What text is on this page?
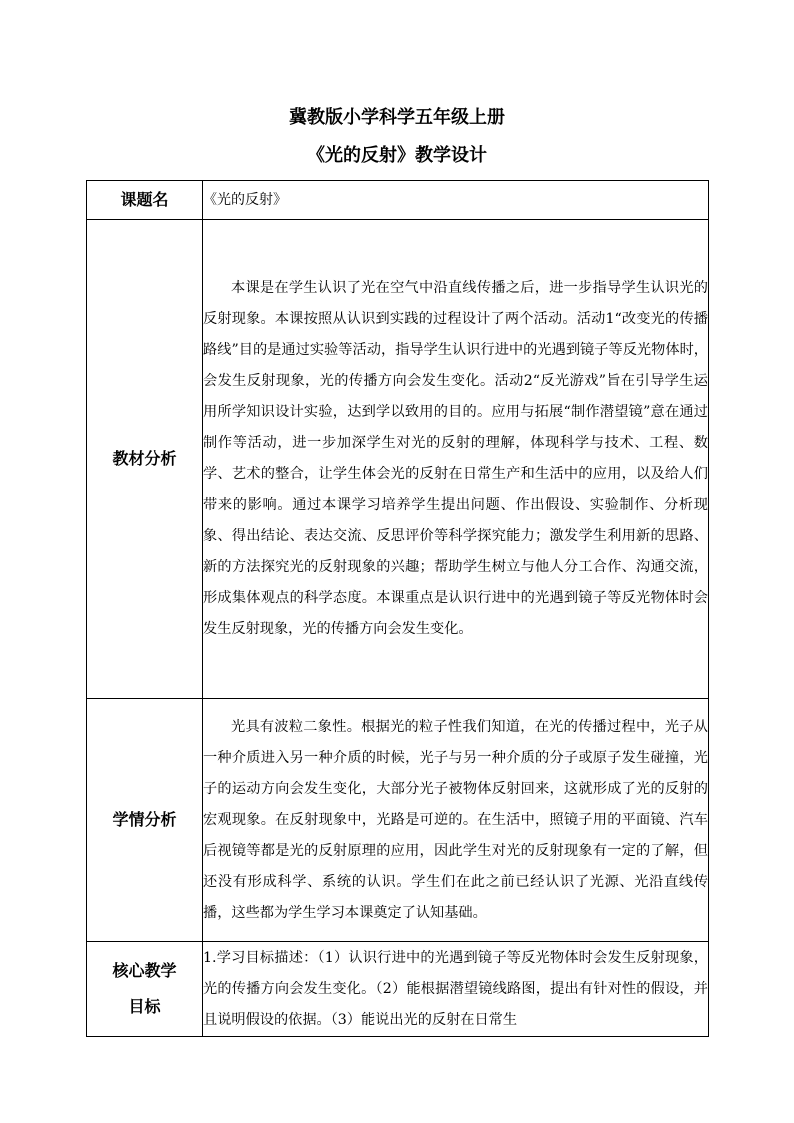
冀教版小学科学五年级上册
《光的反射》教学设计
课题名	《光的反射》
教材分析	本课是在学生认识了光在空气中沿直线传播之后，进一步指导学生认识光的反射现象。本课按照从认识到实践的过程设计了两个活动。活动1“改变光的传播路线”目的是通过实验等活动，指导学生认识行进中的光遇到镜子等反光物体时，会发生反射现象，光的传播方向会发生变化。活动2“反光游戏”旨在引导学生运用所学知识设计实验，达到学以致用的目的。应用与拓展“制作潜望镜”意在通过制作等活动，进一步加深学生对光的反射的理解，体现科学与技术、工程、数学、艺术的整合，让学生体会光的反射在日常生产和生活中的应用，以及给人们带来的影响。通过本课学习培养学生提出问题、作出假设、实验制作、分析现象、得出结论、表达交流、反思评价等科学探究能力；激发学生利用新的思路、新的方法探究光的反射现象的兴趣；帮助学生树立与他人分工合作、沟通交流，形成集体观点的科学态度。本课重点是认识行进中的光遇到镜子等反光物体时会发生反射现象，光的传播方向会发生变化。
学情分析	光具有波粒二象性。根据光的粒子性我们知道，在光的传播过程中，光子从一种介质进入另一种介质的时候，光子与另一种介质的分子或原子发生碰撞，光子的运动方向会发生变化，大部分光子被物体反射回来，这就形成了光的反射的宏观现象。在反射现象中，光路是可逆的。在生活中，照镜子用的平面镜、汽车后视镜等都是光的反射原理的应用，因此学生对光的反射现象有一定的了解，但还没有形成科学、系统的认识。学生们在此之前已经认识了光源、光沿直线传播，这些都为学生学习本课奠定了认知基础。

核心教学
目标	1.学习目标描述：（1）认识行进中的光遇到镜子等反光物体时会发生反射现象，光的传播方向会发生变化。（2）能根据潜望镜线路图，提出有针对性的假设，并且说明假设的依据。（3）能说出光的反射在日常生
